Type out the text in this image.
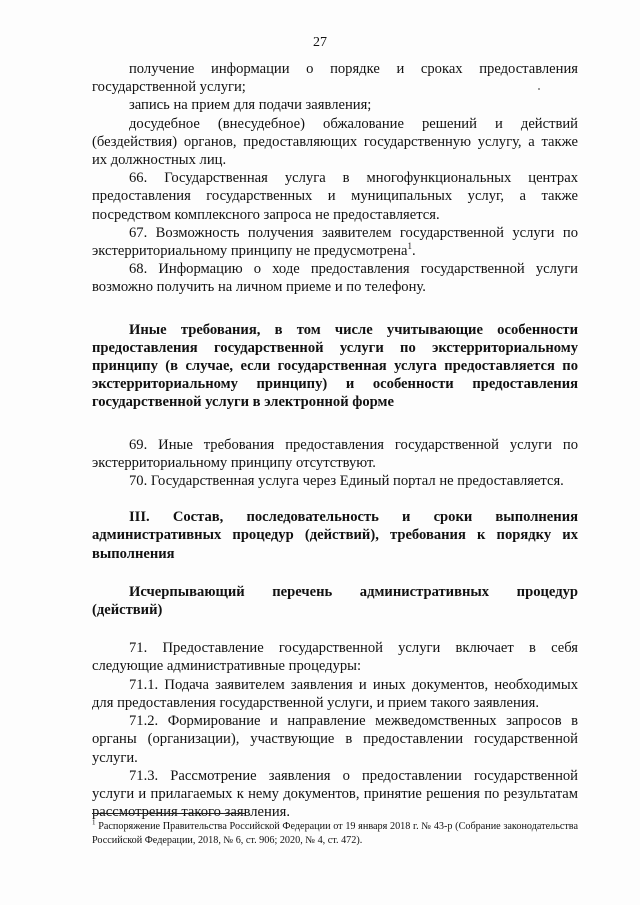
27

получение информации о порядке и сроках предоставления государственной услуги;

запись на прием для подачи заявления;

досудебное (внесудебное) обжалование решений и действий (бездействия) органов, предоставляющих государственную услугу, а также их должностных лиц.

66. Государственная услуга в многофункциональных центрах предоставления государственных и муниципальных услуг, а также посредством комплексного запроса не предоставляется.

67. Возможность получения заявителем государственной услуги по экстерриториальному принципу не предусмотрена$^1$.

68. Информацию о ходе предоставления государственной услуги возможно получить на личном приеме и по телефону.

Иные требования, в том числе учитывающие особенности предоставления государственной услуги по экстерриториальному принципу (в случае, если государственная услуга предоставляется по экстерриториальному принципу) и особенности предоставления государственной услуги в электронной форме

69. Иные требования предоставления государственной услуги по экстерриториальному принципу отсутствуют.

70. Государственная услуга через Единый портал не предоставляется.

III. Состав, последовательность и сроки выполнения административных процедур (действий), требования к порядку их выполнения

Исчерпывающий перечень административных процедур (действий)

71. Предоставление государственной услуги включает в себя следующие административные процедуры:

71.1. Подача заявителем заявления и иных документов, необходимых для предоставления государственной услуги, и прием такого заявления.

71.2. Формирование и направление межведомственных запросов в органы (организации), участвующие в предоставлении государственной услуги.

71.3. Рассмотрение заявления о предоставлении государственной услуги и прилагаемых к нему документов, принятие решения по результатам рассмотрения такого заявления.

$^1$ Распоряжение Правительства Российской Федерации от 19 января 2018 г. № 43-р (Собрание законодательства Российской Федерации, 2018, № 6, ст. 906; 2020, № 4, ст. 472).
